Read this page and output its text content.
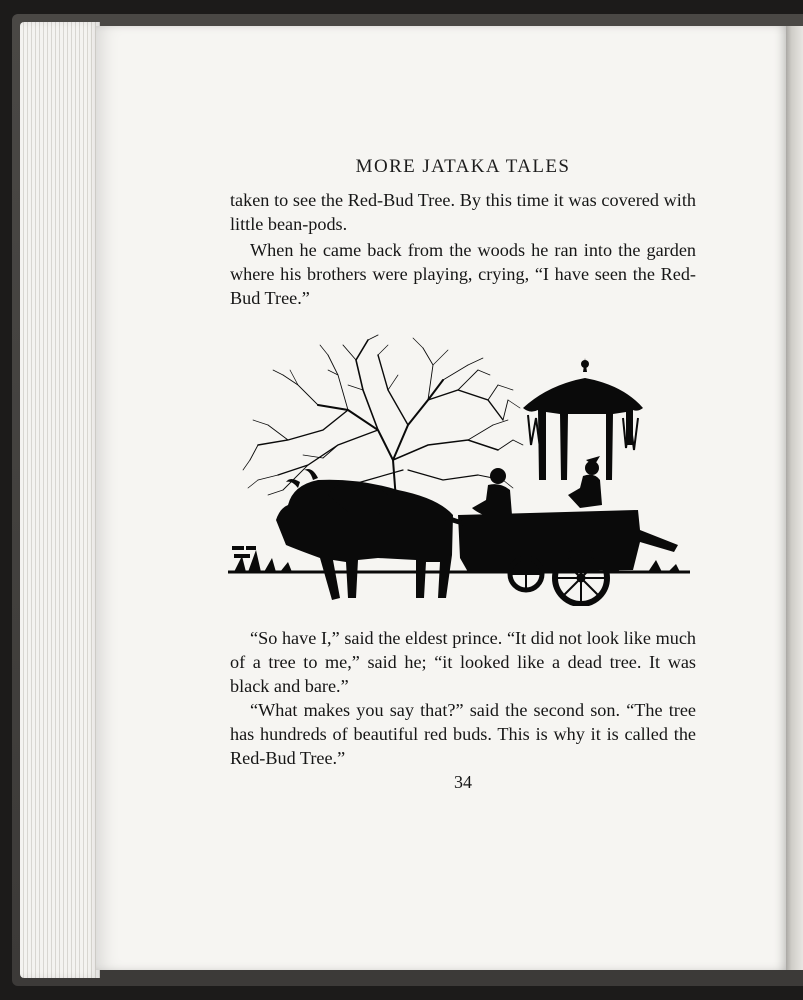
MORE JATAKA TALES

taken to see the Red-Bud Tree. By this time it was covered with little bean-pods.

When he came back from the woods he ran into the garden where his brothers were playing, crying, “I have seen the Red-Bud Tree.”

“So have I,” said the eldest prince. “It did not look like much of a tree to me,” said he; “it looked like a dead tree. It was black and bare.”

“What makes you say that?” said the second son. “The tree has hundreds of beautiful red buds. This is why it is called the Red-Bud Tree.”

34
